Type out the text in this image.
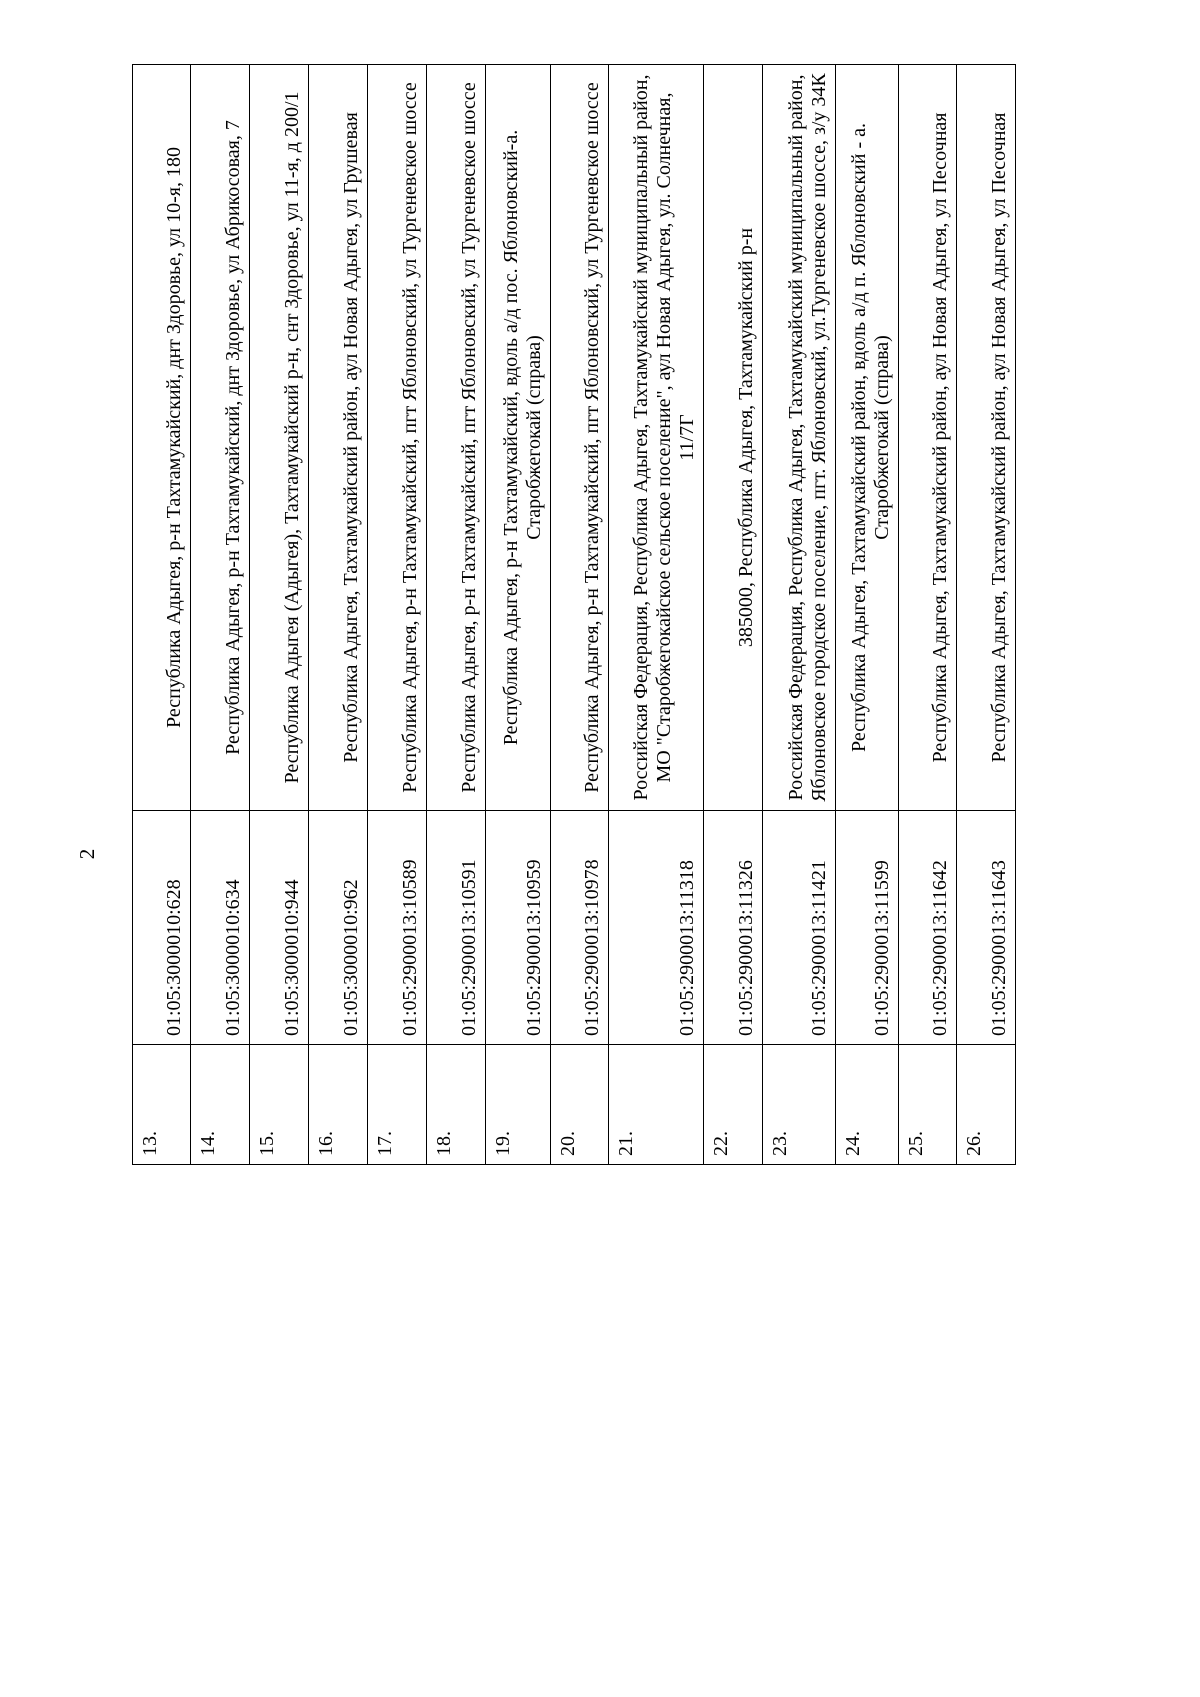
2
13.	01:05:3000010:628	Республика Адыгея, р-н Тахтамукайский, днт Здоровье, ул 10-я, 180
14.	01:05:3000010:634	Республика Адыгея, р-н Тахтамукайский, днт Здоровье, ул Абрикосовая, 7
15.	01:05:3000010:944	Республика Адыгея (Адыгея), Тахтамукайский р-н, снт Здоровье, ул 11-я, д 200/1
16.	01:05:3000010:962	Республика Адыгея, Тахтамукайский район, аул Новая Адыгея, ул Грушевая
17.	01:05:2900013:10589	Республика Адыгея, р-н Тахтамукайский, пгт Яблоновский, ул Тургеневское шоссе
18.	01:05:2900013:10591	Республика Адыгея, р-н Тахтамукайский, пгт Яблоновский, ул Тургеневское шоссе
19.	01:05:2900013:10959	Республика Адыгея, р-н Тахтамукайский, вдоль а/д пос. Яблоновский-а. Старобжегокай (справа)
20.	01:05:2900013:10978	Республика Адыгея, р-н Тахтамукайский, пгт Яблоновский, ул Тургеневское шоссе
21.	01:05:2900013:11318	Российская Федерация, Республика Адыгея, Тахтамукайский муниципальный район, МО "Старобжегокайское сельское поселение", аул Новая Адыгея, ул. Солнечная, 11/7Г
22.	01:05:2900013:11326	385000, Республика Адыгея, Тахтамукайский р-н
23.	01:05:2900013:11421	Российская Федерация, Республика Адыгея, Тахтамукайский муниципальный район, Яблоновское городское поселение, пгт. Яблоновский, ул.Тургеневское шоссе, з/у 34К
24.	01:05:2900013:11599	Республика Адыгея, Тахтамукайский район, вдоль а/д п. Яблоновский - а. Старобжегокай (справа)
25.	01:05:2900013:11642	Республика Адыгея, Тахтамукайский район, аул Новая Адыгея, ул Песочная
26.	01:05:2900013:11643	Республика Адыгея, Тахтамукайский район, аул Новая Адыгея, ул Песочная
